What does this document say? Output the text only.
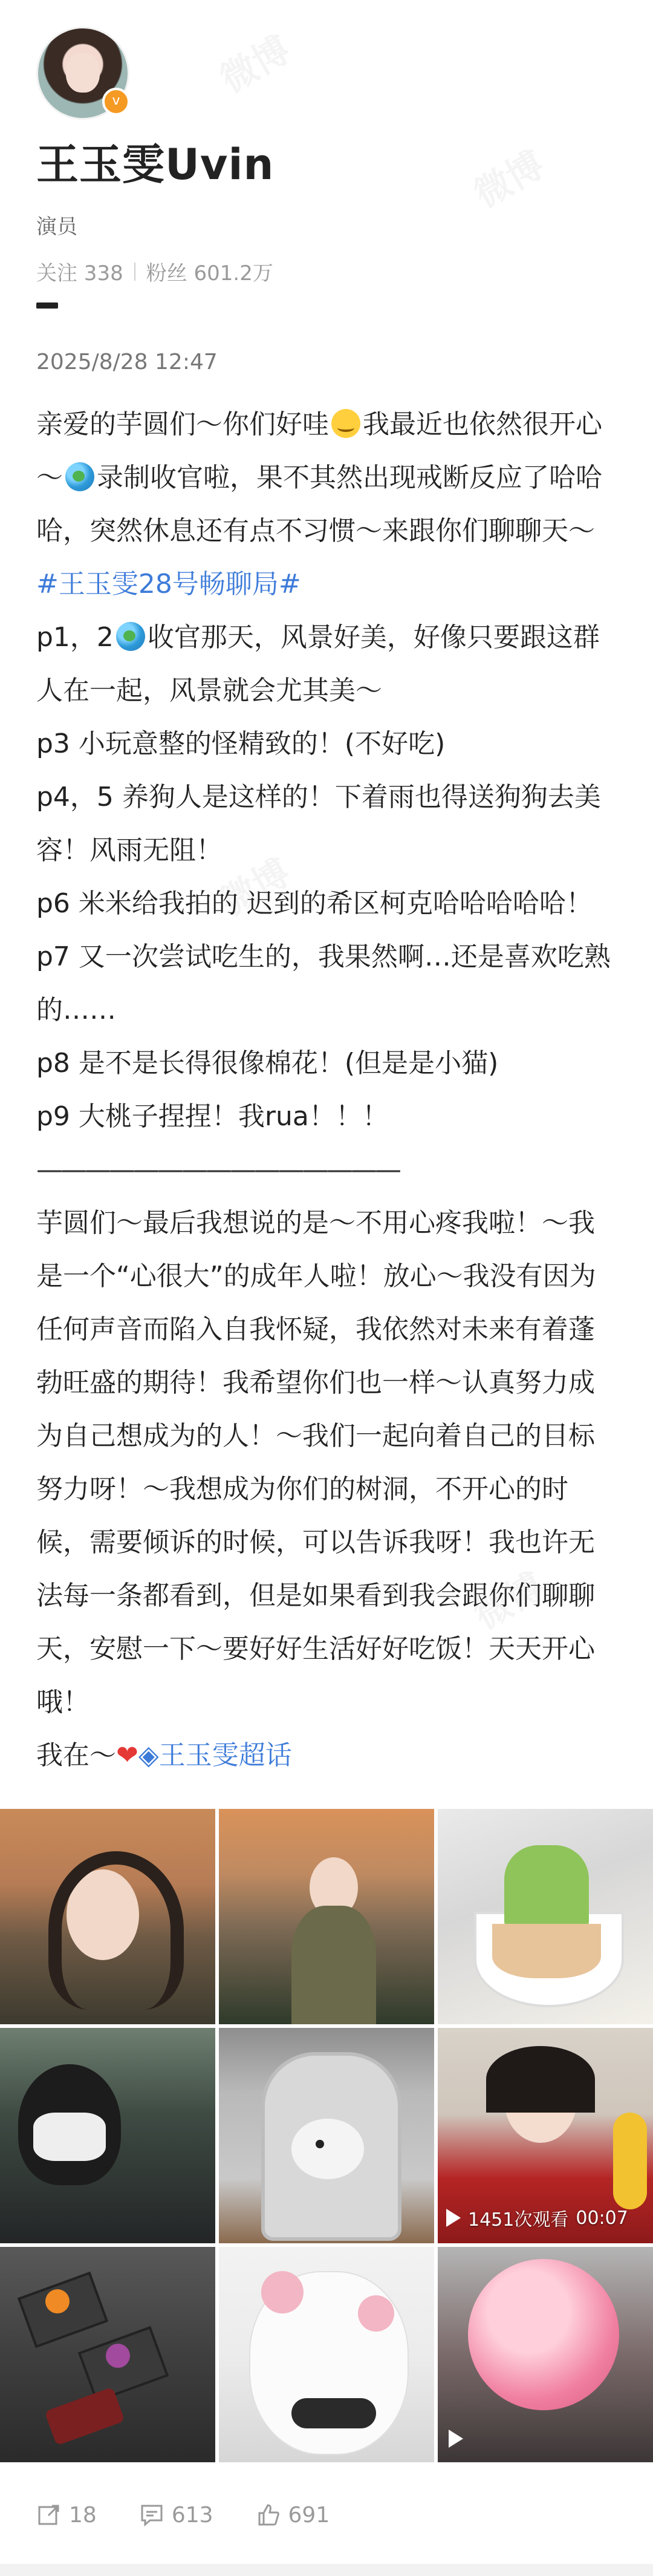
v
王玉雯Uvin
演员
关注 338 粉丝 601.2万
2025/8/28 12:47

亲爱的芋圆们～你们好哇 我最近也依然很开心～ 录制收官啦，果不其然出现戒断反应了哈哈哈，突然休息还有点不习惯～来跟你们聊聊天～

#王玉雯28号畅聊局#

p1，2 收官那天，风景好美，好像只要跟这群人在一起，风景就会尤其美～

p3 小玩意整的怪精致的！(不好吃)

p4，5 养狗人是这样的！下着雨也得送狗狗去美容！风雨无阻！

p6 米米给我拍的 迟到的希区柯克哈哈哈哈哈！

p7 又一次尝试吃生的，我果然啊…还是喜欢吃熟的……

p8 是不是长得很像棉花！(但是是小猫)

p9 大桃子捏捏！我rua！！！

———————————————

芋圆们～最后我想说的是～不用心疼我啦！～我是一个“心很大”的成年人啦！放心～我没有因为任何声音而陷入自我怀疑，我依然对未来有着蓬勃旺盛的期待！我希望你们也一样～认真努力成为自己想成为的人！～我们一起向着自己的目标努力呀！～我想成为你们的树洞，不开心的时候，需要倾诉的时候，可以告诉我呀！我也许无法每一条都看到，但是如果看到我会跟你们聊聊天，安慰一下～要好好生活好好吃饭！天天开心哦！

我在～❤◈王玉雯超话

1451次观看 00:07
18	613	691
